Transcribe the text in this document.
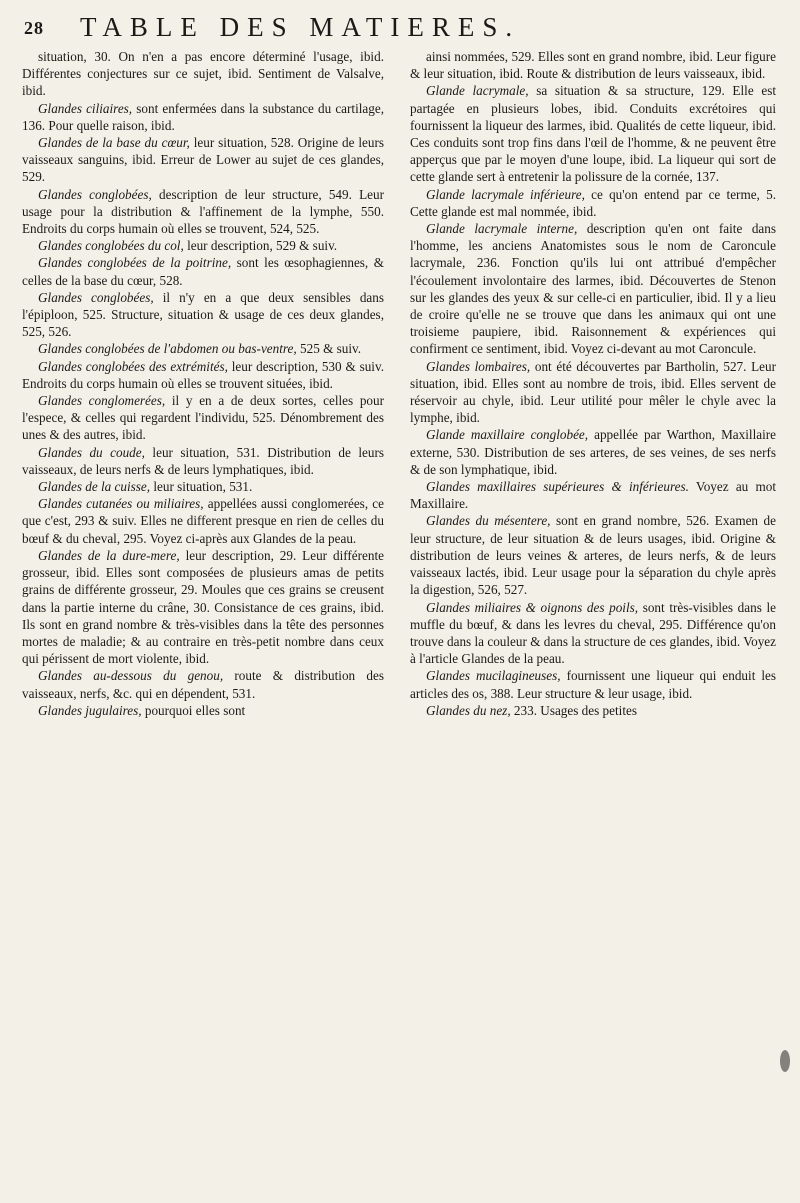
28 TABLE DES MATIERES.

situation, 30. On n'en a pas encore déterminé l'usage, ibid. Différentes conjectures sur ce sujet, ibid. Sentiment de Valsalve, ibid.

Glandes ciliaires, sont enfermées dans la substance du cartilage, 136. Pour quelle raison, ibid.

Glandes de la base du cœur, leur situation, 528. Origine de leurs vaisseaux sanguins, ibid. Erreur de Lower au sujet de ces glandes, 529.

Glandes conglobées, description de leur structure, 549. Leur usage pour la distribution & l'affinement de la lymphe, 550. Endroits du corps humain où elles se trouvent, 524, 525.

Glandes conglobées du col, leur description, 529 & suiv.

Glandes conglobées de la poitrine, sont les œsophagiennes, & celles de la base du cœur, 528.

Glandes conglobées, il n'y en a que deux sensibles dans l'épiploon, 525. Structure, situation & usage de ces deux glandes, 525, 526.

Glandes conglobées de l'abdomen ou bas-ventre, 525 & suiv.

Glandes conglobées des extrémités, leur description, 530 & suiv. Endroits du corps humain où elles se trouvent situées, ibid.

Glandes conglomerées, il y en a de deux sortes, celles pour l'espece, & celles qui regardent l'individu, 525. Dénombrement des unes & des autres, ibid.

Glandes du coude, leur situation, 531. Distribution de leurs vaisseaux, de leurs nerfs & de leurs lymphatiques, ibid.

Glandes de la cuisse, leur situation, 531.

Glandes cutanées ou miliaires, appellées aussi conglomerées, ce que c'est, 293 & suiv. Elles ne different presque en rien de celles du bœuf & du cheval, 295. Voyez ci-après aux Glandes de la peau.

Glandes de la dure-mere, leur description, 29. Leur différente grosseur, ibid. Elles sont composées de plusieurs amas de petits grains de différente grosseur, 29. Moules que ces grains se creusent dans la partie interne du crâne, 30. Consistance de ces grains, ibid. Ils sont en grand nombre & très-visibles dans la tête des personnes mortes de maladie; & au contraire en très-petit nombre dans ceux qui périssent de mort violente, ibid.

Glandes au-dessous du genou, route & distribution des vaisseaux, nerfs, &c. qui en dépendent, 531.

Glandes jugulaires, pourquoi elles sont

ainsi nommées, 529. Elles sont en grand nombre, ibid. Leur figure & leur situation, ibid. Route & distribution de leurs vaisseaux, ibid.

Glande lacrymale, sa situation & sa structure, 129. Elle est partagée en plusieurs lobes, ibid. Conduits excrétoires qui fournissent la liqueur des larmes, ibid. Qualités de cette liqueur, ibid. Ces conduits sont trop fins dans l'œil de l'homme, & ne peuvent être apperçus que par le moyen d'une loupe, ibid. La liqueur qui sort de cette glande sert à entretenir la polissure de la cornée, 137.

Glande lacrymale inférieure, ce qu'on entend par ce terme, 5. Cette glande est mal nommée, ibid.

Glande lacrymale interne, description qu'en ont faite dans l'homme, les anciens Anatomistes sous le nom de Caroncule lacrymale, 236. Fonction qu'ils lui ont attribué d'empêcher l'écoulement involontaire des larmes, ibid. Découvertes de Stenon sur les glandes des yeux & sur celle-ci en particulier, ibid. Il y a lieu de croire qu'elle ne se trouve que dans les animaux qui ont une troisieme paupiere, ibid. Raisonnement & expériences qui confirment ce sentiment, ibid. Voyez ci-devant au mot Caroncule.

Glandes lombaires, ont été découvertes par Bartholin, 527. Leur situation, ibid. Elles sont au nombre de trois, ibid. Elles servent de réservoir au chyle, ibid. Leur utilité pour mêler le chyle avec la lymphe, ibid.

Glande maxillaire conglobée, appellée par Warthon, Maxillaire externe, 530. Distribution de ses arteres, de ses veines, de ses nerfs & de son lymphatique, ibid.

Glandes maxillaires supérieures & inférieures. Voyez au mot Maxillaire.

Glandes du mésentere, sont en grand nombre, 526. Examen de leur structure, de leur situation & de leurs usages, ibid. Origine & distribution de leurs veines & arteres, de leurs nerfs, & de leurs vaisseaux lactés, ibid. Leur usage pour la séparation du chyle après la digestion, 526, 527.

Glandes miliaires & oignons des poils, sont très-visibles dans le muffle du bœuf, & dans les levres du cheval, 295. Différence qu'on trouve dans la couleur & dans la structure de ces glandes, ibid. Voyez à l'article Glandes de la peau.

Glandes mucilagineuses, fournissent une liqueur qui enduit les articles des os, 388. Leur structure & leur usage, ibid.

Glandes du nez, 233. Usages des petites
